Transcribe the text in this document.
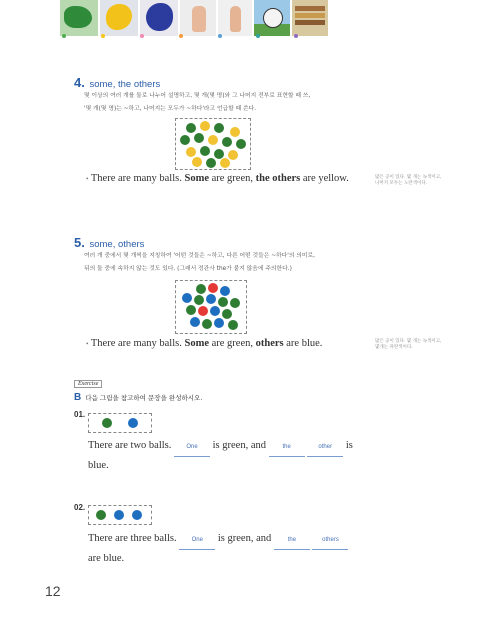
4. some, the others
몇 이상의 여러 개를 둘로 나누어 설명하고, 몇 개(몇 명)와 그 나머지 전부로 표현할 때 쓰,
'몇 개(몇 명)는 ~하고, 나머지는 모두가 ~하다'라고 언급할 때 쓴다.
• There are many balls. Some are green, the others are yellow.	많은 공이 있다. 몇 개는 녹색이고,
나머지 모두는 노란색이다.
5. some, others
여러 개 중에서 몇 개씩을 지칭하여 '어떤 것들은 ~하고, 다른 어떤 것들은 ~하다'의 의미로,
뒤의 둘 중에 속하지 않는 것도 있다. (그래서 정관사 the가 붙지 않음에 주의한다.)
• There are many balls. Some are green, others are blue.	많은 공이 있다. 몇 개는 녹색이고,
몇개는 파란색이다.
Exercise
B 다음 그림을 참고하여 문장을 완성하시오.
01.
There are two balls. One is green, and	the	other is
blue.
02.
There are three balls. One is green, and	the	others
are blue.
12
